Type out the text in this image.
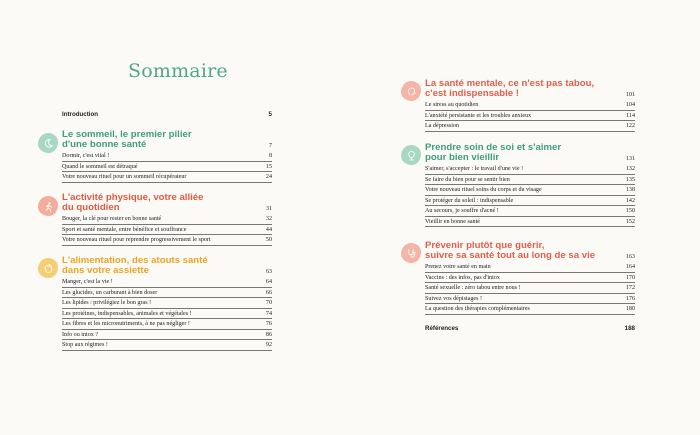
Sommaire
Introduction	5
Le sommeil, le premier pilier
d'une bonne santé	7
Dormir, c'est vital !	8
Quand le sommeil est détraqué	15
Votre nouveau rituel pour un sommeil récupérateur	24
L'activité physique, votre alliée
du quotidien	31
Bouger, la clé pour rester en bonne santé	32
Sport et santé mentale, entre bénéfice et souffrance	44
Votre nouveau rituel pour reprendre progressivement le sport	50
L'alimentation, des atouts santé
dans votre assiette	63
Manger, c'est la vie !	64
Les glucides, un carburant à bien doser	66
Les lipides : privilégiez le bon gras !	70
Les protéines, indispensables, animales et végétales !	74
Les fibres et les micronutriments, à ne pas négliger !	76
Info ou intox ?	86
Stop aux régimes !	92
La santé mentale, ce n'est pas tabou,
c'est indispensable !	101
Le stress au quotidien	104
L'anxiété persistante et les troubles anxieux	114
La dépression	122
Prendre soin de soi et s'aimer
pour bien vieillir	131
S'aimer, s'accepter : le travail d'une vie !	132
Se faire du bien pour se sentir bien	135
Votre nouveau rituel soins du corps et du visage	138
Se protéger du soleil : indispensable	142
Au secours, je souffre d'acné !	150
Vieillir en bonne santé	152
Prévenir plutôt que guérir,
suivre sa santé tout au long de sa vie	163
Prenez votre santé en main	164
Vaccins : des infos, pas d'intox	170
Santé sexuelle : zéro tabou entre nous !	172
Suivez vos dépistages !	176
La question des thérapies complémentaires	180
Références	188
